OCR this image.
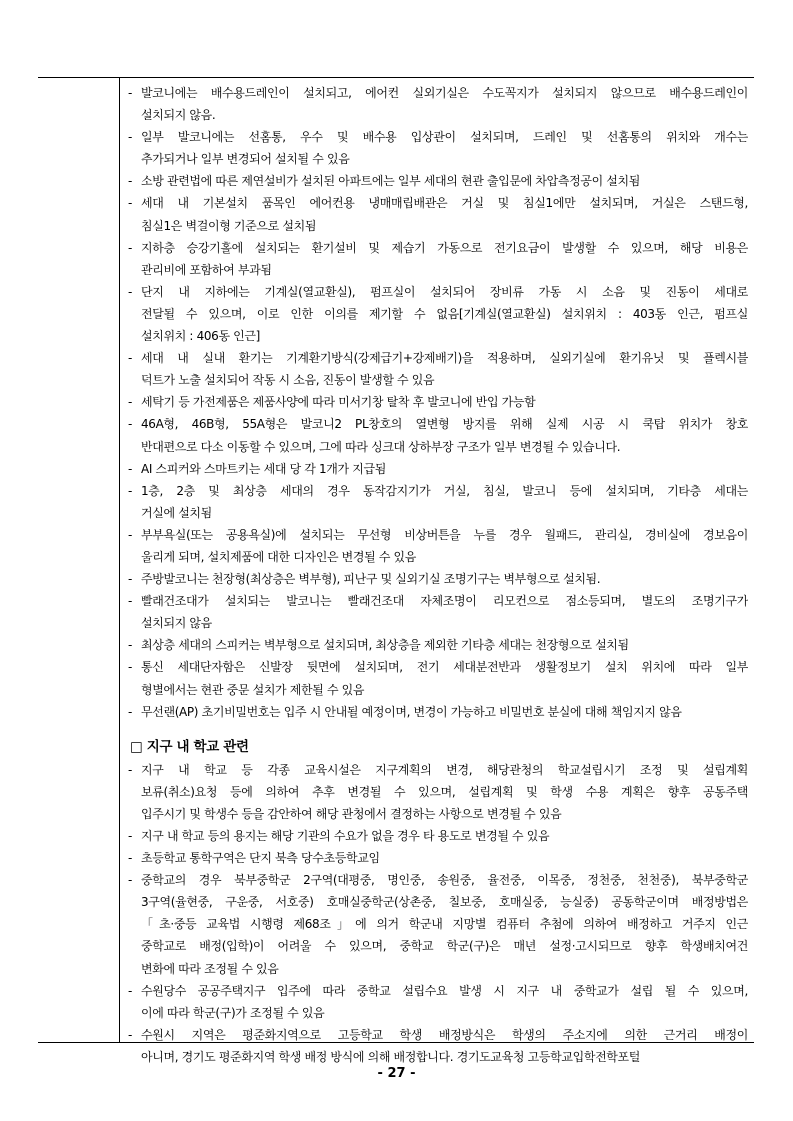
- 발코니에는 배수용드레인이 설치되고, 에어컨 실외기실은 수도꼭지가 설치되지 않으므로 배수용드레인이
설치되지 않음.
- 일부 발코니에는 선홈통, 우수 및 배수용 입상관이 설치되며, 드레인 및 선홈통의 위치와 개수는
추가되거나 일부 변경되어 설치될 수 있음
- 소방 관련법에 따른 제연설비가 설치된 아파트에는 일부 세대의 현관 출입문에 차압측정공이 설치됨
- 세대 내 기본설치 품목인 에어컨용 냉매매립배관은 거실 및 침실1에만 설치되며, 거실은 스탠드형,
침실1은 벽걸이형 기준으로 설치됨
- 지하층 승강기홀에 설치되는 환기설비 및 제습기 가동으로 전기요금이 발생할 수 있으며, 해당 비용은
관리비에 포함하여 부과됨
- 단지 내 지하에는 기계실(열교환실), 펌프실이 설치되어 장비류 가동 시 소음 및 진동이 세대로
전달될 수 있으며, 이로 인한 이의를 제기할 수 없음[기계실(열교환실) 설치위치 : 403동 인근, 펌프실
설치위치 : 406동 인근]
- 세대 내 실내 환기는 기계환기방식(강제급기+강제배기)을 적용하며, 실외기실에 환기유닛 및 플렉시블
덕트가 노출 설치되어 작동 시 소음, 진동이 발생할 수 있음
- 세탁기 등 가전제품은 제품사양에 따라 미서기창 탈착 후 발코니에 반입 가능함
- 46A형, 46B형, 55A형은 발코니2 PL창호의 열변형 방지를 위해 실제 시공 시 쿡탑 위치가 창호
반대편으로 다소 이동할 수 있으며, 그에 따라 싱크대 상하부장 구조가 일부 변경될 수 있습니다.
- AI 스피커와 스마트키는 세대 당 각 1개가 지급됨
- 1층, 2층 및 최상층 세대의 경우 동작감지기가 거실, 침실, 발코니 등에 설치되며, 기타층 세대는
거실에 설치됨
- 부부욕실(또는 공용욕실)에 설치되는 무선형 비상버튼을 누를 경우 월패드, 관리실, 경비실에 경보음이
울리게 되며, 설치제품에 대한 디자인은 변경될 수 있음
- 주방발코니는 천장형(최상층은 벽부형), 피난구 및 실외기실 조명기구는 벽부형으로 설치됨.
- 빨래건조대가 설치되는 발코니는 빨래건조대 자체조명이 리모컨으로 점소등되며, 별도의 조명기구가
설치되지 않음
- 최상층 세대의 스피커는 벽부형으로 설치되며, 최상층을 제외한 기타층 세대는 천장형으로 설치됨
- 통신 세대단자함은 신발장 뒷면에 설치되며, 전기 세대분전반과 생활정보기 설치 위치에 따라 일부
형별에서는 현관 중문 설치가 제한될 수 있음
- 무선랜(AP) 초기비밀번호는 입주 시 안내될 예정이며, 변경이 가능하고 비밀번호 분실에 대해 책임지지 않음
□ 지구 내 학교 관련
- 지구 내 학교 등 각종 교육시설은 지구계획의 변경, 해당관청의 학교설립시기 조정 및 설립계획
보류(취소)요청 등에 의하여 추후 변경될 수 있으며, 설립계획 및 학생 수용 계획은 향후 공동주택
입주시기 및 학생수 등을 감안하여 해당 관청에서 결정하는 사항으로 변경될 수 있음
- 지구 내 학교 등의 용지는 해당 기관의 수요가 없을 경우 타 용도로 변경될 수 있음
- 초등학교 통학구역은 단지 북측 당수초등학교임
- 중학교의 경우 북부중학군 2구역(대평중, 명인중, 송원중, 율전중, 이목중, 정천중, 천천중), 북부중학군
3구역(율현중, 구운중, 서호중) 호매실중학군(상촌중, 칠보중, 호매실중, 능실중) 공동학군이며 배정방법은
「초·중등 교육법 시행령 제68조」에 의거 학군내 지망별 컴퓨터 추첨에 의하여 배정하고 거주지 인근
중학교로 배정(입학)이 어려울 수 있으며, 중학교 학군(구)은 매년 설정·고시되므로 향후 학생배치여건
변화에 따라 조정될 수 있음
- 수원당수 공공주택지구 입주에 따라 중학교 설립수요 발생 시 지구 내 중학교가 설립 될 수 있으며,
이에 따라 학군(구)가 조정될 수 있음
- 수원시 지역은 평준화지역으로 고등학교 학생 배정방식은 학생의 주소지에 의한 근거리 배정이
아니며, 경기도 평준화지역 학생 배정 방식에 의해 배정합니다. 경기도교육청 고등학교입학전학포털
- 27 -
